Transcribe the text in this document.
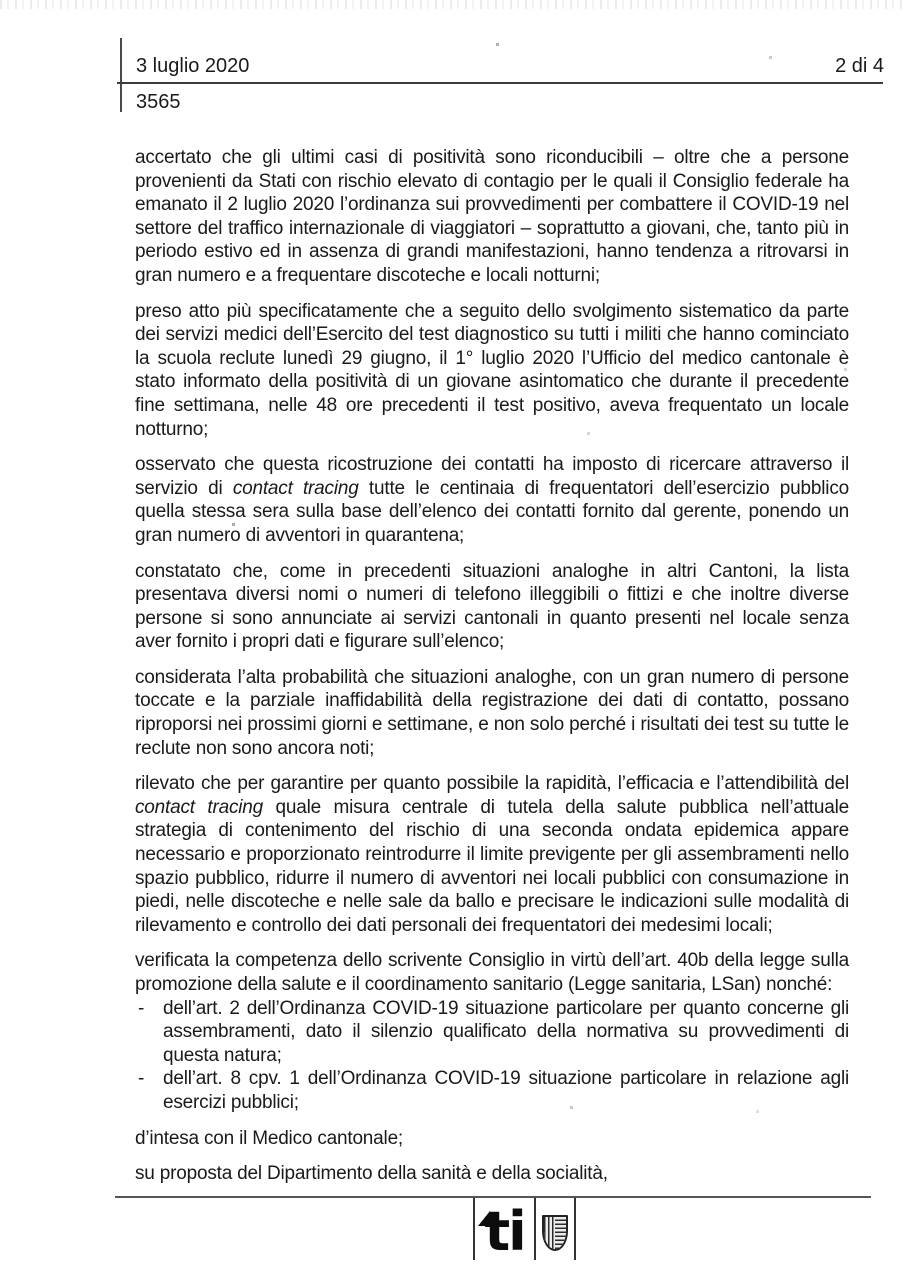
3 luglio 2020	2 di 4
3565

accertato che gli ultimi casi di positività sono riconducibili – oltre che a persone provenienti da Stati con rischio elevato di contagio per le quali il Consiglio federale ha emanato il 2 luglio 2020 l’ordinanza sui provvedimenti per combattere il COVID-19 nel settore del traffico internazionale di viaggiatori – soprattutto a giovani, che, tanto più in periodo estivo ed in assenza di grandi manifestazioni, hanno tendenza a ritrovarsi in gran numero e a frequentare discoteche e locali notturni;

preso atto più specificatamente che a seguito dello svolgimento sistematico da parte dei servizi medici dell’Esercito del test diagnostico su tutti i militi che hanno cominciato la scuola reclute lunedì 29 giugno, il 1° luglio 2020 l’Ufficio del medico cantonale è stato informato della positività di un giovane asintomatico che durante il precedente fine settimana, nelle 48 ore precedenti il test positivo, aveva frequentato un locale notturno;

osservato che questa ricostruzione dei contatti ha imposto di ricercare attraverso il servizio di contact tracing tutte le centinaia di frequentatori dell’esercizio pubblico quella stessa sera sulla base dell’elenco dei contatti fornito dal gerente, ponendo un gran numero di avventori in quarantena;

constatato che, come in precedenti situazioni analoghe in altri Cantoni, la lista presentava diversi nomi o numeri di telefono illeggibili o fittizi e che inoltre diverse persone si sono annunciate ai servizi cantonali in quanto presenti nel locale senza aver fornito i propri dati e figurare sull’elenco;

considerata l’alta probabilità che situazioni analoghe, con un gran numero di persone toccate e la parziale inaffidabilità della registrazione dei dati di contatto, possano riproporsi nei prossimi giorni e settimane, e non solo perché i risultati dei test su tutte le reclute non sono ancora noti;

rilevato che per garantire per quanto possibile la rapidità, l’efficacia e l’attendibilità del contact tracing quale misura centrale di tutela della salute pubblica nell’attuale strategia di contenimento del rischio di una seconda ondata epidemica appare necessario e proporzionato reintrodurre il limite previgente per gli assembramenti nello spazio pubblico, ridurre il numero di avventori nei locali pubblici con consumazione in piedi, nelle discoteche e nelle sale da ballo e precisare le indicazioni sulle modalità di rilevamento e controllo dei dati personali dei frequentatori dei medesimi locali;

verificata la competenza dello scrivente Consiglio in virtù dell’art. 40b della legge sulla promozione della salute e il coordinamento sanitario (Legge sanitaria, LSan) nonché:

- dell’art. 2 dell’Ordinanza COVID-19 situazione particolare per quanto concerne gli assembramenti, dato il silenzio qualificato della normativa su provvedimenti di questa natura;
- dell’art. 8 cpv. 1 dell’Ordinanza COVID-19 situazione particolare in relazione agli esercizi pubblici;

d’intesa con il Medico cantonale;

su proposta del Dipartimento della sanità e della socialità,

ti
